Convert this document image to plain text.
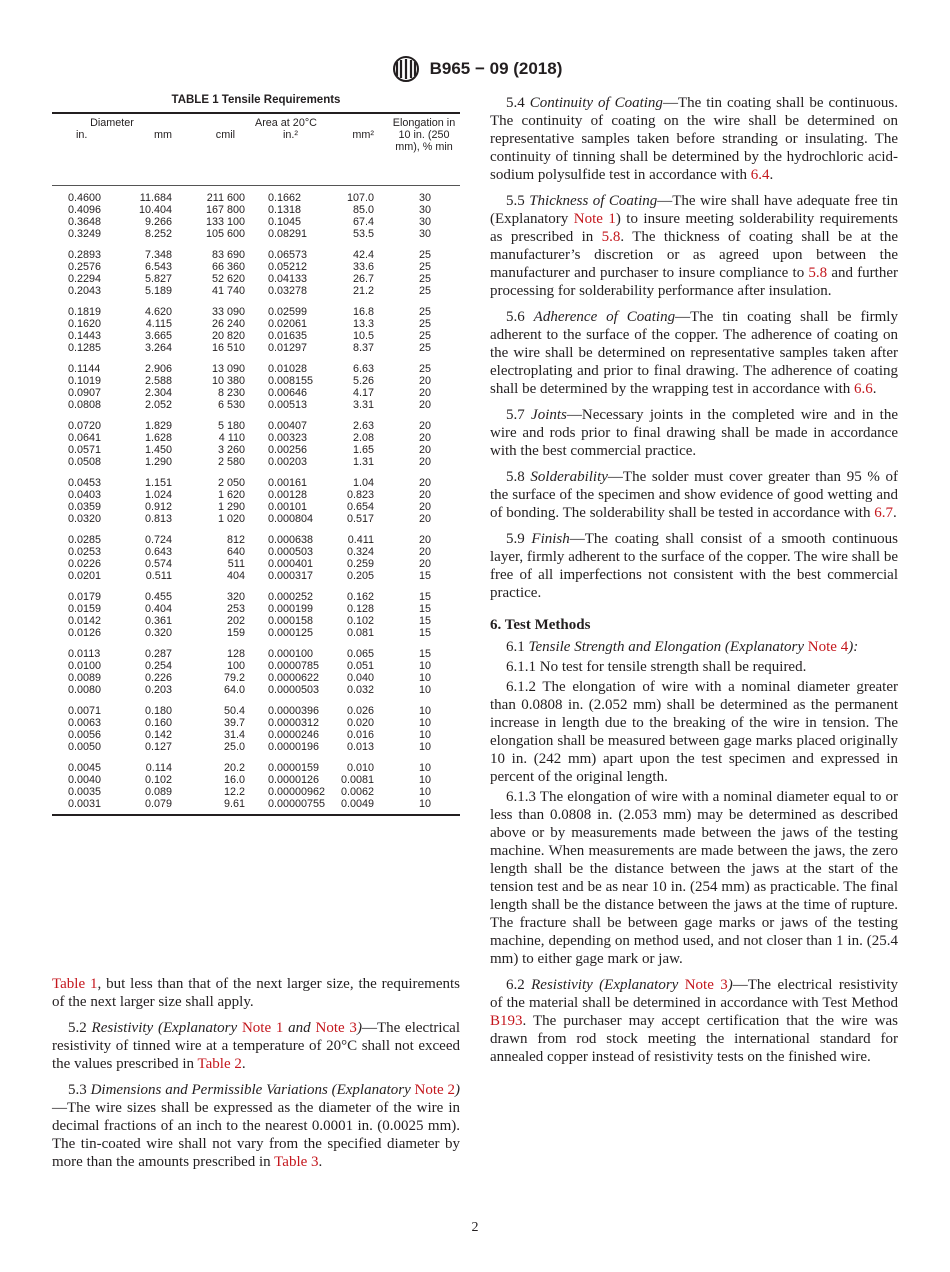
B965 − 09 (2018)
TABLE 1 Tensile Requirements
Diameter			Area at 20°C		Elongation in 10 in. (250 mm), % min
in.	mm	cmil	in.²	mm²	
0.4600	11.684	211 600	0.1662	107.0	30
0.4096	10.404	167 800	0.1318	85.0	30
0.3648	9.266	133 100	0.1045	67.4	30
0.3249	8.252	105 600	0.08291	53.5	30
0.2893	7.348	83 690	0.06573	42.4	25
0.2576	6.543	66 360	0.05212	33.6	25
0.2294	5.827	52 620	0.04133	26.7	25
0.2043	5.189	41 740	0.03278	21.2	25
0.1819	4.620	33 090	0.02599	16.8	25
0.1620	4.115	26 240	0.02061	13.3	25
0.1443	3.665	20 820	0.01635	10.5	25
0.1285	3.264	16 510	0.01297	8.37	25
0.1144	2.906	13 090	0.01028	6.63	25
0.1019	2.588	10 380	0.008155	5.26	20
0.0907	2.304	8 230	0.00646	4.17	20
0.0808	2.052	6 530	0.00513	3.31	20
0.0720	1.829	5 180	0.00407	2.63	20
0.0641	1.628	4 110	0.00323	2.08	20
0.0571	1.450	3 260	0.00256	1.65	20
0.0508	1.290	2 580	0.00203	1.31	20
0.0453	1.151	2 050	0.00161	1.04	20
0.0403	1.024	1 620	0.00128	0.823	20
0.0359	0.912	1 290	0.00101	0.654	20
0.0320	0.813	1 020	0.000804	0.517	20
0.0285	0.724	812	0.000638	0.411	20
0.0253	0.643	640	0.000503	0.324	20
0.0226	0.574	511	0.000401	0.259	20
0.0201	0.511	404	0.000317	0.205	15
0.0179	0.455	320	0.000252	0.162	15
0.0159	0.404	253	0.000199	0.128	15
0.0142	0.361	202	0.000158	0.102	15
0.0126	0.320	159	0.000125	0.081	15
0.0113	0.287	128	0.000100	0.065	15
0.0100	0.254	100	0.0000785	0.051	10
0.0089	0.226	79.2	0.0000622	0.040	10
0.0080	0.203	64.0	0.0000503	0.032	10
0.0071	0.180	50.4	0.0000396	0.026	10
0.0063	0.160	39.7	0.0000312	0.020	10
0.0056	0.142	31.4	0.0000246	0.016	10
0.0050	0.127	25.0	0.0000196	0.013	10
0.0045	0.114	20.2	0.0000159	0.010	10
0.0040	0.102	16.0	0.0000126	0.0081	10
0.0035	0.089	12.2	0.00000962	0.0062	10
0.0031	0.079	9.61	0.00000755	0.0049	10

Table 1, but less than that of the next larger size, the requirements of the next larger size shall apply.

5.2 Resistivity (Explanatory Note 1 and Note 3)—The electrical resistivity of tinned wire at a temperature of 20°C shall not exceed the values prescribed in Table 2.

5.3 Dimensions and Permissible Variations (Explanatory Note 2)—The wire sizes shall be expressed as the diameter of the wire in decimal fractions of an inch to the nearest 0.0001 in. (0.0025 mm). The tin-coated wire shall not vary from the specified diameter by more than the amounts prescribed in Table 3.

5.4 Continuity of Coating—The tin coating shall be continuous. The continuity of coating on the wire shall be determined on representative samples taken before stranding or insulating. The continuity of tinning shall be determined by the hydrochloric acid-sodium polysulfide test in accordance with 6.4.

5.5 Thickness of Coating—The wire shall have adequate free tin (Explanatory Note 1) to insure meeting solderability requirements as prescribed in 5.8. The thickness of coating shall be at the manufacturer’s discretion or as agreed upon between the manufacturer and purchaser to insure compliance to 5.8 and further processing for solderability performance after insulation.

5.6 Adherence of Coating—The tin coating shall be firmly adherent to the surface of the copper. The adherence of coating on the wire shall be determined on representative samples taken after electroplating and prior to final drawing. The adherence of coating shall be determined by the wrapping test in accordance with 6.6.

5.7 Joints—Necessary joints in the completed wire and in the wire and rods prior to final drawing shall be made in accordance with the best commercial practice.

5.8 Solderability—The solder must cover greater than 95 % of the surface of the specimen and show evidence of good wetting and of bonding. The solderability shall be tested in accordance with 6.7.

5.9 Finish—The coating shall consist of a smooth continuous layer, firmly adherent to the surface of the copper. The wire shall be free of all imperfections not consistent with the best commercial practice.

6. Test Methods

6.1 Tensile Strength and Elongation (Explanatory Note 4):

6.1.1 No test for tensile strength shall be required.

6.1.2 The elongation of wire with a nominal diameter greater than 0.0808 in. (2.052 mm) shall be determined as the permanent increase in length due to the breaking of the wire in tension. The elongation shall be measured between gage marks placed originally 10 in. (242 mm) apart upon the test specimen and expressed in percent of the original length.

6.1.3 The elongation of wire with a nominal diameter equal to or less than 0.0808 in. (2.053 mm) may be determined as described above or by measurements made between the jaws of the testing machine. When measurements are made between the jaws, the zero length shall be the distance between the jaws at the start of the tension test and be as near 10 in. (254 mm) as practicable. The final length shall be the distance between the jaws at the time of rupture. The fracture shall be between gage marks or jaws of the testing machine, depending on method used, and not closer than 1 in. (25.4 mm) to either gage mark or jaw.

6.2 Resistivity (Explanatory Note 3)—The electrical resistivity of the material shall be determined in accordance with Test Method B193. The purchaser may accept certification that the wire was drawn from rod stock meeting the international standard for annealed copper instead of resistivity tests on the finished wire.

2
